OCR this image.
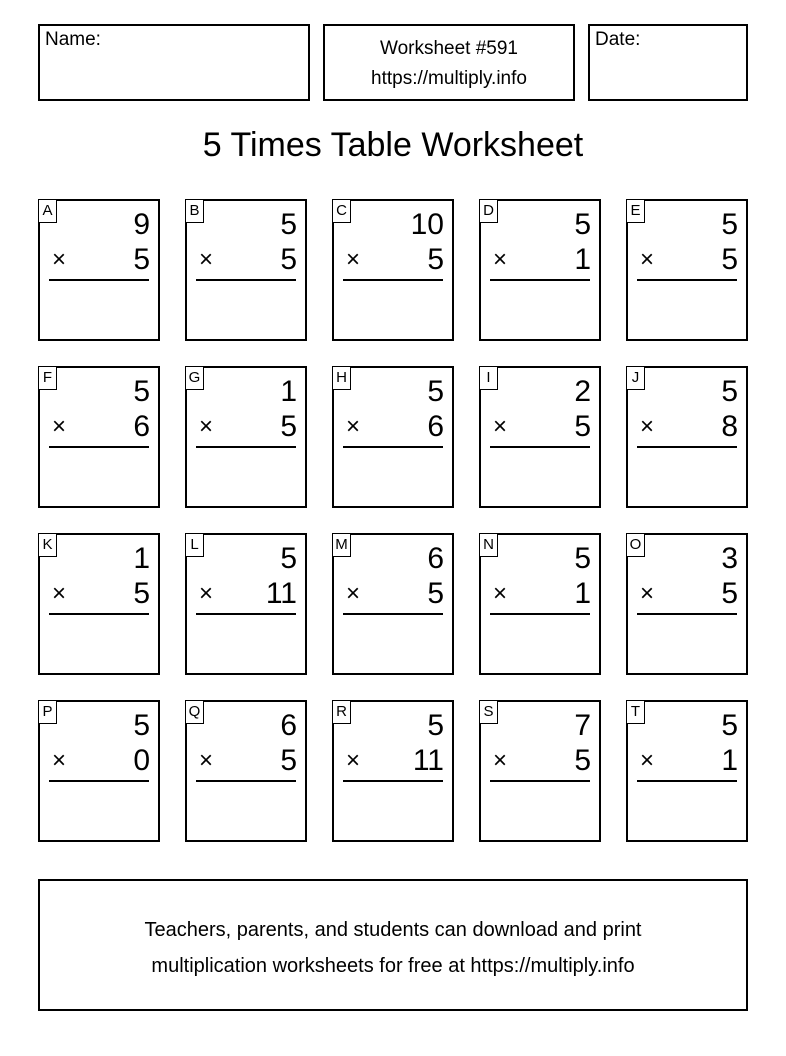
Name:	Worksheet #591
https://multiply.info
Date:
5 Times Table Worksheet
A	9
× 5
B	5
× 5
C 10
× 5
D	5
× 1
E	5
× 5
F	5
× 6
G	1
× 5
H	5
× 6
I	2
× 5
J	5
× 8
K	1
× 5
L	5
× 11
M	6
× 5
N	5
× 1
O	3
× 5
P	5
× 0
Q	6
× 5
R	5
× 11
S	7
× 5
T	5
× 1
Teachers, parents, and students can download and print
multiplication worksheets for free at https://multiply.info
